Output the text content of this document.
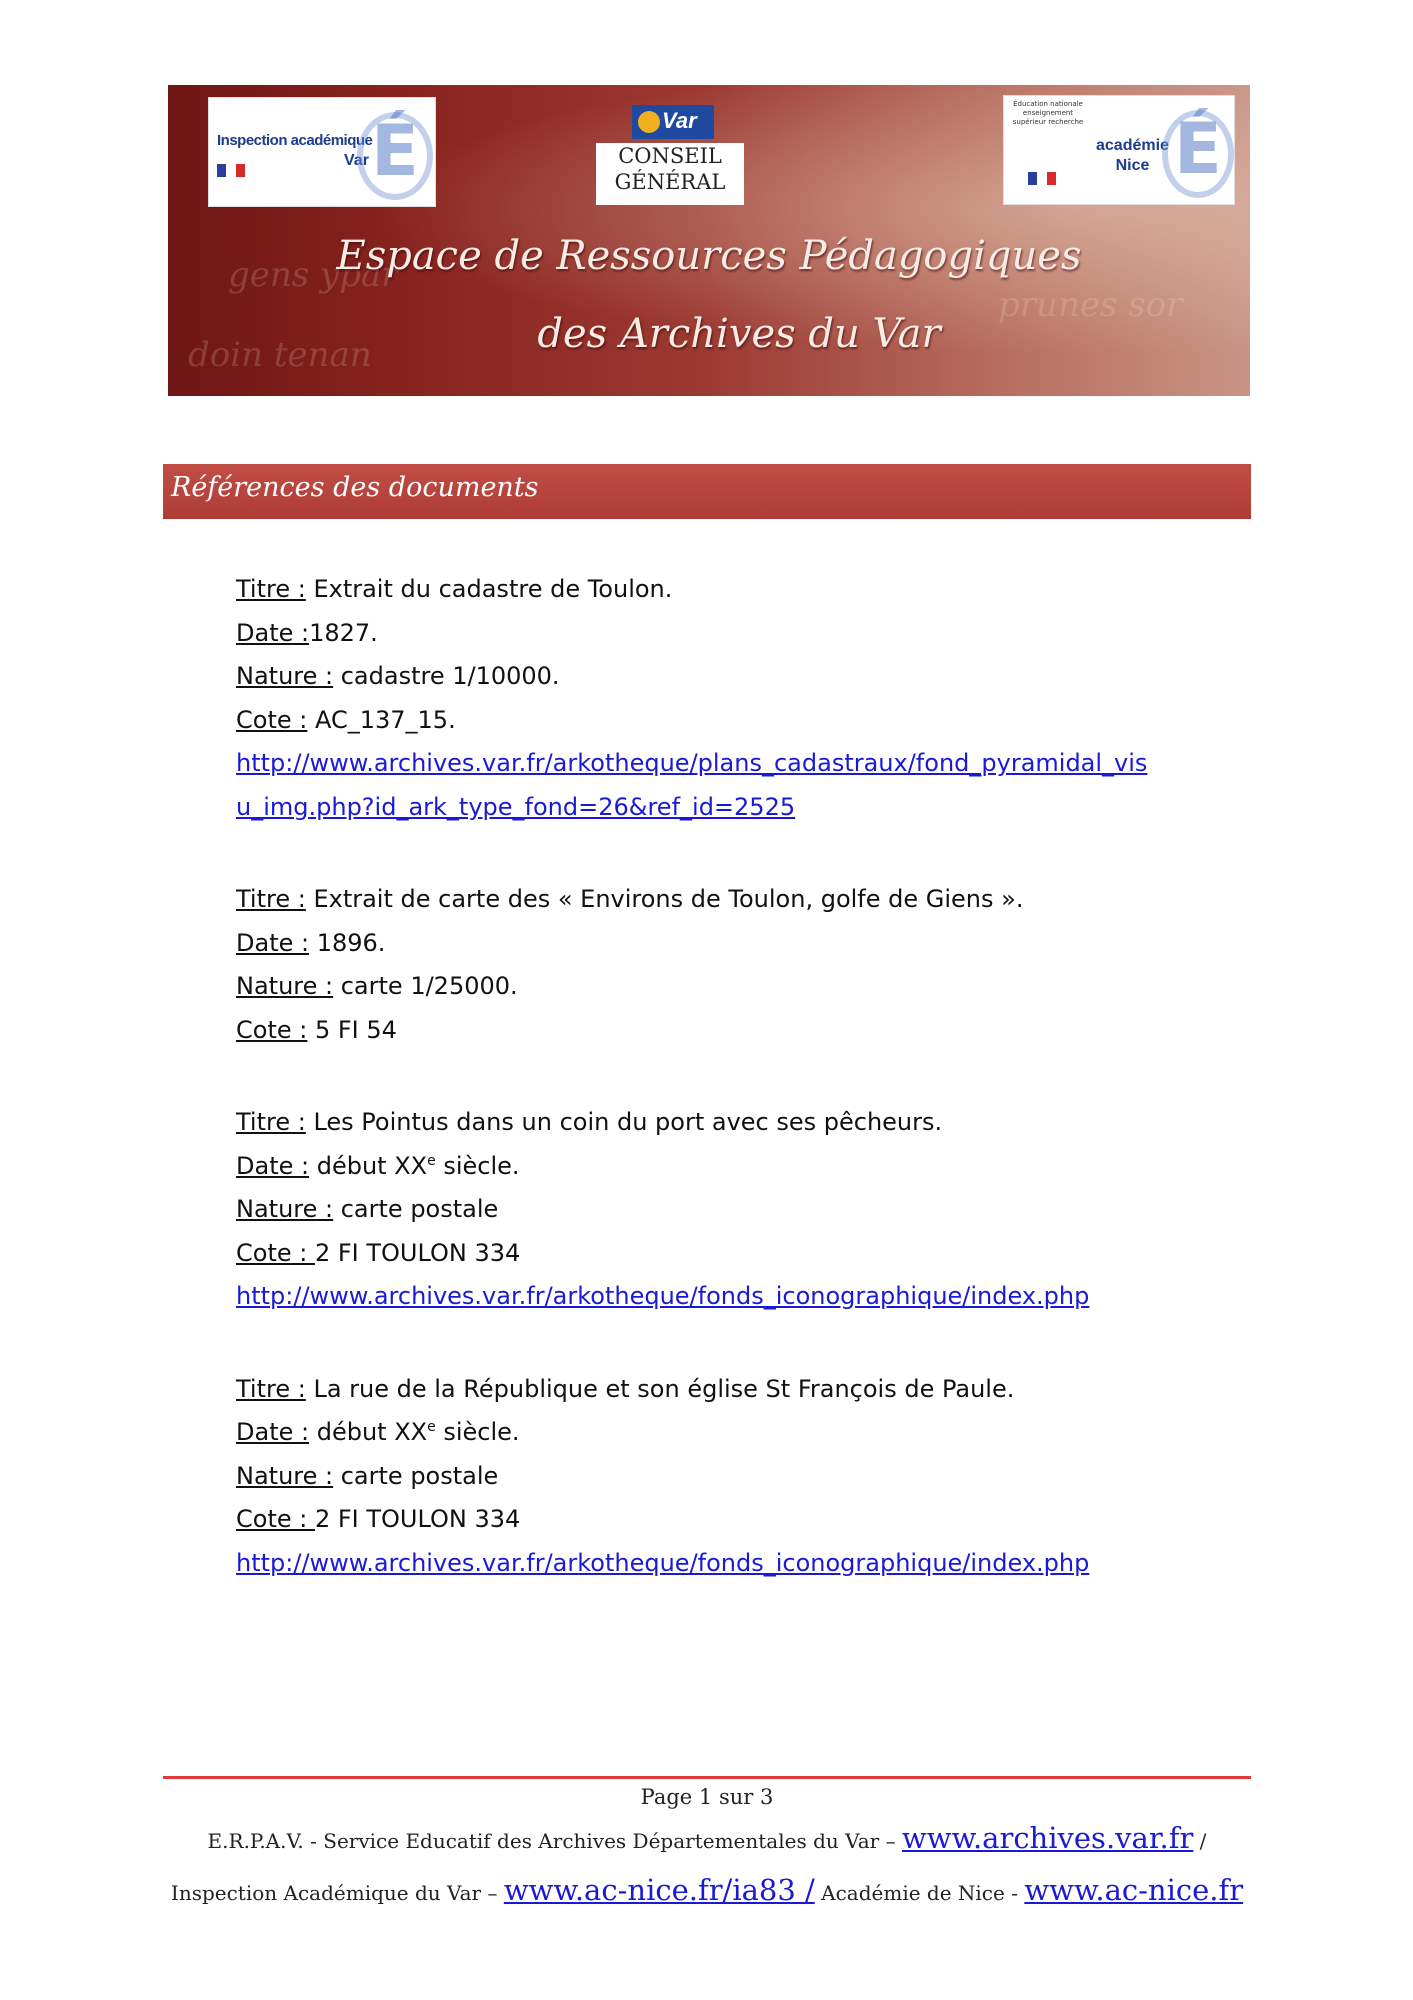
gens ypar
doin tenan
prunes sor
Inspection académique
Var É	Var
CONSEIL
GÉNÉRAL
Éducation nationale enseignement supérieur recherche
académie
Nice É
Espace de Ressources Pédagogiques
des Archives du Var
Références des documents
Titre : Extrait du cadastre de Toulon.
Date :1827.
Nature : cadastre 1/10000.
Cote : AC_137_15.
http://www.archives.var.fr/arkotheque/plans_cadastraux/fond_pyramidal_vis
u_img.php?id_ark_type_fond=26&ref_id=2525
Titre : Extrait de carte des « Environs de Toulon, golfe de Giens ».
Date : 1896.
Nature : carte 1/25000.
Cote : 5 FI 54
Titre : Les Pointus dans un coin du port avec ses pêcheurs.
Date : début XXe siècle.
Nature : carte postale
Cote : 2 FI TOULON 334
http://www.archives.var.fr/arkotheque/fonds_iconographique/index.php
Titre : La rue de la République et son église St François de Paule.
Date : début XXe siècle.
Nature : carte postale
Cote : 2 FI TOULON 334
http://www.archives.var.fr/arkotheque/fonds_iconographique/index.php
Page 1 sur 3
E.R.P.A.V. - Service Educatif des Archives Départementales du Var – www.archives.var.fr /
Inspection Académique du Var – www.ac-nice.fr/ia83 / Académie de Nice - www.ac-nice.fr
